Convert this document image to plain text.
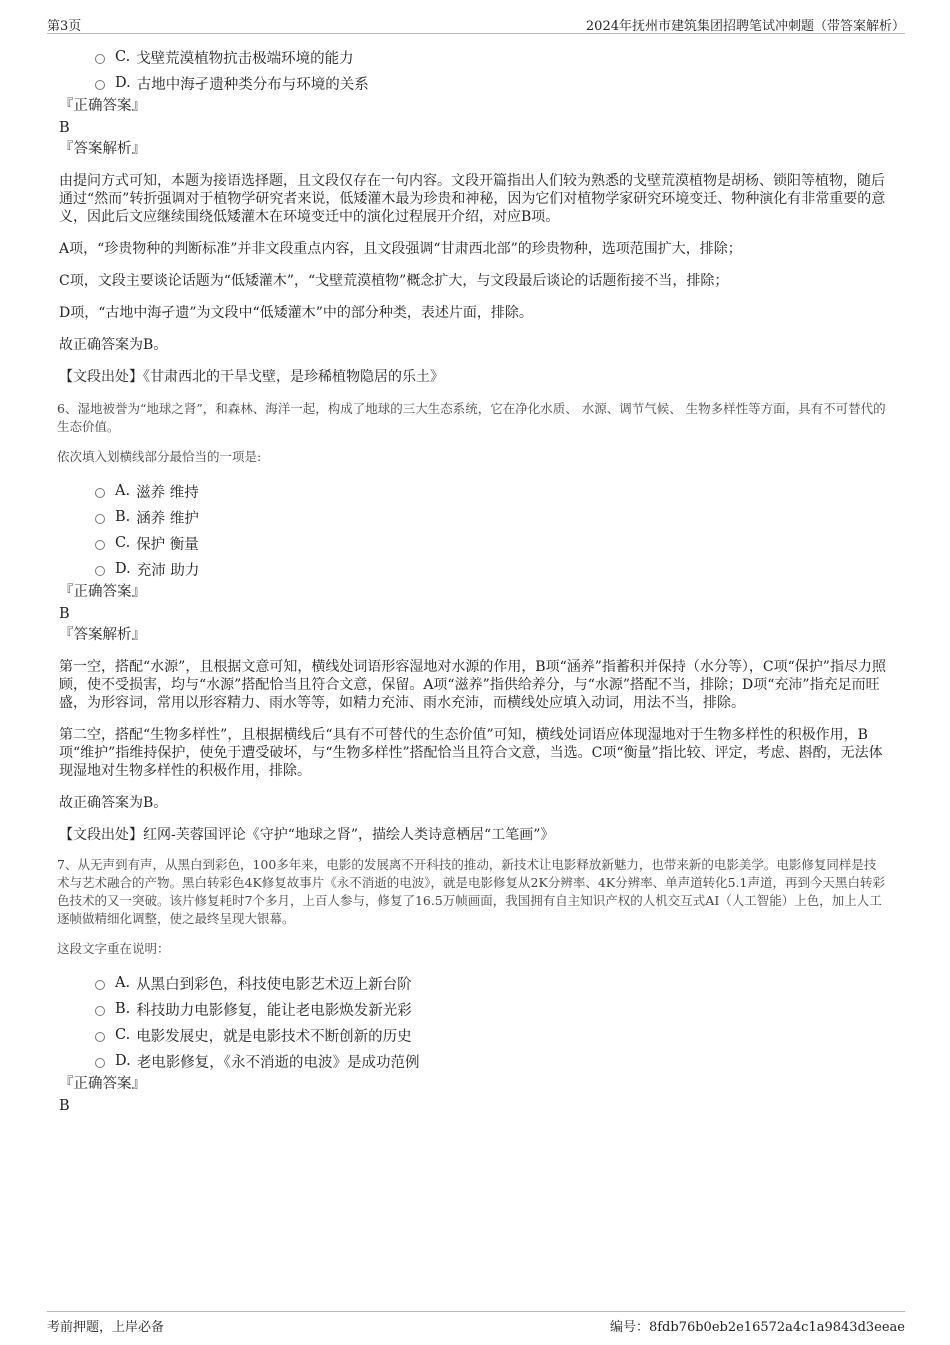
第3页	2024年抚州市建筑集团招聘笔试冲刺题（带答案解析）
C. 戈壁荒漠植物抗击极端环境的能力
D. 古地中海孑遗种类分布与环境的关系
『正确答案』
B
『答案解析』
由提问方式可知，本题为接语选择题，且文段仅存在一句内容。文段开篇指出人们较为熟悉的戈壁荒漠植物是胡杨、锁阳等植物，随后通过“然而”转折强调对于植物学研究者来说，低矮灌木最为珍贵和神秘，因为它们对植物学家研究环境变迁、物种演化有非常重要的意义，因此后文应继续围绕低矮灌木在环境变迁中的演化过程展开介绍，对应B项。
A项，“珍贵物种的判断标准”并非文段重点内容，且文段强调“甘肃西北部”的珍贵物种，选项范围扩大，排除；
C项，文段主要谈论话题为“低矮灌木”，“戈壁荒漠植物”概念扩大，与文段最后谈论的话题衔接不当，排除；
D项，“古地中海孑遗”为文段中“低矮灌木”中的部分种类，表述片面，排除。
故正确答案为B。
【文段出处】《甘肃西北的干旱戈壁，是珍稀植物隐居的乐土》
6、湿地被誉为“地球之肾”，和森林、海洋一起，构成了地球的三大生态系统，它在净化水质、 水源、调节气候、 生物多样性等方面，具有不可替代的生态价值。
依次填入划横线部分最恰当的一项是:
A. 滋养 维持
B. 涵养 维护
C. 保护 衡量
D. 充沛 助力
『正确答案』
B
『答案解析』
第一空，搭配“水源”，且根据文意可知，横线处词语形容湿地对水源的作用，B项“涵养”指蓄积并保持（水分等），C项“保护”指尽力照顾，使不受损害，均与“水源”搭配恰当且符合文意，保留。A项“滋养”指供给养分，与“水源”搭配不当，排除；D项“充沛”指充足而旺盛，为形容词，常用以形容精力、雨水等等，如精力充沛、雨水充沛，而横线处应填入动词，用法不当，排除。
第二空，搭配“生物多样性”，且根据横线后“具有不可替代的生态价值”可知，横线处词语应体现湿地对于生物多样性的积极作用，B项“维护”指维持保护，使免于遭受破坏，与“生物多样性”搭配恰当且符合文意，当选。C项“衡量”指比较、评定，考虑、斟酌，无法体现湿地对生物多样性的积极作用，排除。
故正确答案为B。
【文段出处】红网-芙蓉国评论《守护“地球之肾”，描绘人类诗意栖居“工笔画”》
7、从无声到有声，从黑白到彩色，100多年来，电影的发展离不开科技的推动，新技术让电影释放新魅力，也带来新的电影美学。电影修复同样是技术与艺术融合的产物。黑白转彩色4K修复故事片《永不消逝的电波》，就是电影修复从2K分辨率、4K分辨率、单声道转化5.1声道，再到今天黑白转彩色技术的又一突破。该片修复耗时7个多月，上百人参与，修复了16.5万帧画面，我国拥有自主知识产权的人机交互式AI（人工智能）上色，加上人工逐帧做精细化调整，使之最终呈现大银幕。
这段文字重在说明：
A. 从黑白到彩色，科技使电影艺术迈上新台阶
B. 科技助力电影修复，能让老电影焕发新光彩
C. 电影发展史，就是电影技术不断创新的历史
D. 老电影修复，《永不消逝的电波》是成功范例
『正确答案』
B
考前押题，上岸必备	编号：8fdb76b0eb2e16572a4c1a9843d3eeae
